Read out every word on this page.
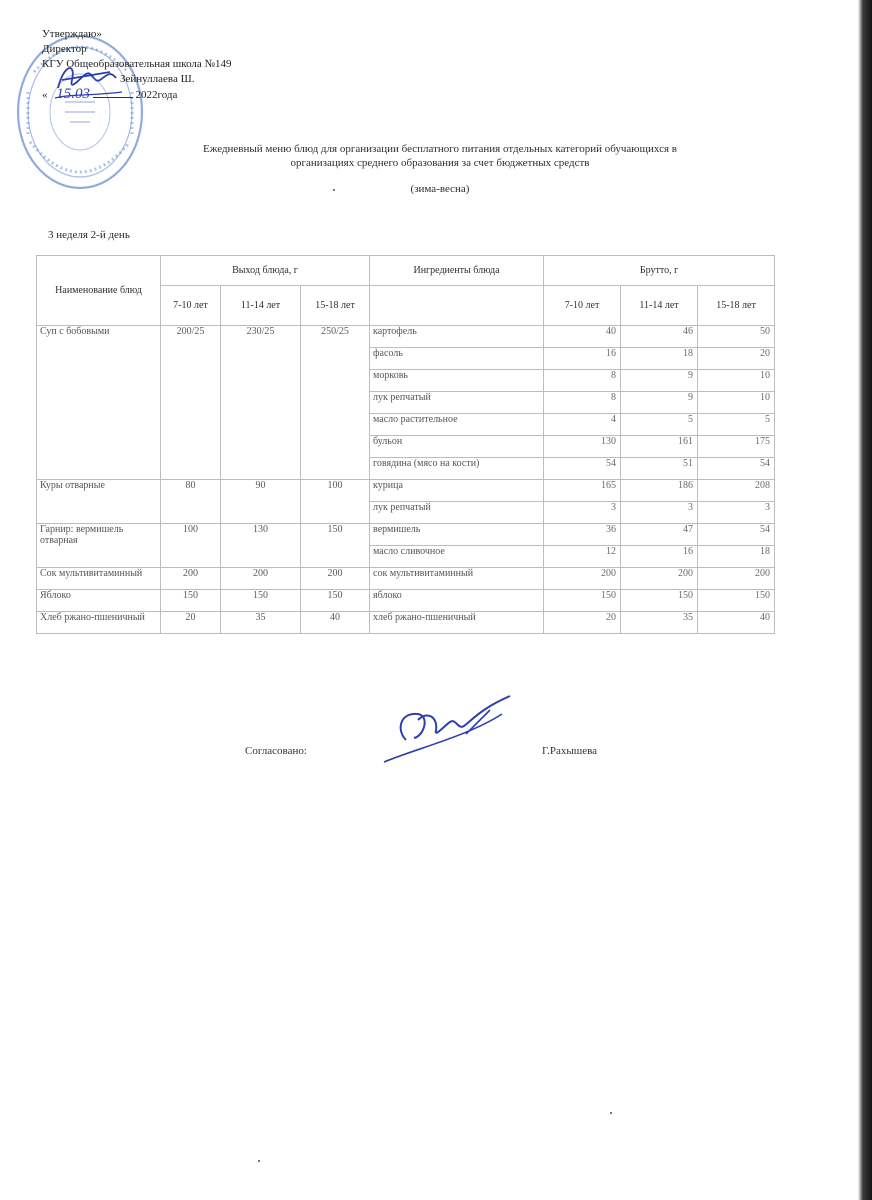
Утверждаю»
Директор
КГУ Общеобразовательная школа №149
Зейнуллаева Ш.
« 15.03	2022года
Ежедневный меню блюд для организации бесплатного питания отдельных категорий обучающихся в
организациях среднего образования за счет бюджетных средств
(зима-весна)
3 неделя 2-й день
Наименование блюд	Выход блюда, г			Ингредиенты блюда	Брутто, г		
	7-10 лет	11-14 лет	15-18 лет		7-10 лет	11-14 лет	15-18 лет
Суп с бобовыми	200/25	230/25	250/25	картофель	40	46	50
				фасоль	16	18	20
				морковь	8	9	10
				лук репчатый	8	9	10
				масло растительное	4	5	5
				бульон	130	161	175
				говядина (мясо на кости)	54	51	54
Куры отварные	80	90	100	курица	165	186	208
				лук репчатый	3	3	3
Гарнир: вермишель отварная	100	130	150	вермишель	36	47	54
				масло сливочное	12	16	18
Сок мультивитаминный	200	200	200	сок мультивитаминный	200	200	200
Яблоко	150	150	150	яблоко	150	150	150
Хлеб ржано-пшеничный	20	35	40	хлеб ржано-пшеничный	20	35	40
Согласовано:	Г.Рахышева
